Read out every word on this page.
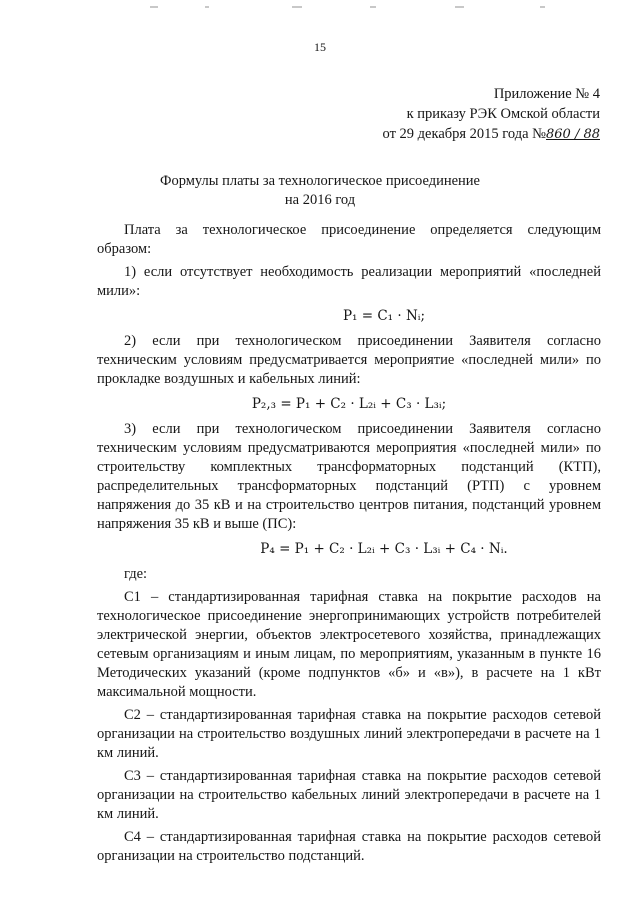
15
Приложение № 4
к приказу РЭК Омской области
от 29 декабря 2015 года №860 / 88
Формулы платы за технологическое присоединение
на 2016 год

Плата за технологическое присоединение определяется следующим образом:

1) если отсутствует необходимость реализации мероприятий «последней мили»:

P₁ = C₁ · Nᵢ;

2) если при технологическом присоединении Заявителя согласно техническим условиям предусматривается мероприятие «последней мили» по прокладке воздушных и кабельных линий:

P₂,₃ = P₁ + C₂ · L₂ᵢ + C₃ · L₃ᵢ;

3) если при технологическом присоединении Заявителя согласно техническим условиям предусматриваются мероприятия «последней мили» по строительству комплектных трансформаторных подстанций (КТП), распределительных трансформаторных подстанций (РТП) с уровнем напряжения до 35 кВ и на строительство центров питания, подстанций уровнем напряжения 35 кВ и выше (ПС):

P₄ = P₁ + C₂ · L₂ᵢ + C₃ · L₃ᵢ + C₄ · Nᵢ.

где:

С1 – стандартизированная тарифная ставка на покрытие расходов на технологическое присоединение энергопринимающих устройств потребителей электрической энергии, объектов электросетевого хозяйства, принадлежащих сетевым организациям и иным лицам, по мероприятиям, указанным в пункте 16 Методических указаний (кроме подпунктов «б» и «в»), в расчете на 1 кВт максимальной мощности.

С2 – стандартизированная тарифная ставка на покрытие расходов сетевой организации на строительство воздушных линий электропередачи в расчете на 1 км линий.

С3 – стандартизированная тарифная ставка на покрытие расходов сетевой организации на строительство кабельных линий электропередачи в расчете на 1 км линий.

С4 – стандартизированная тарифная ставка на покрытие расходов сетевой организации на строительство подстанций.
